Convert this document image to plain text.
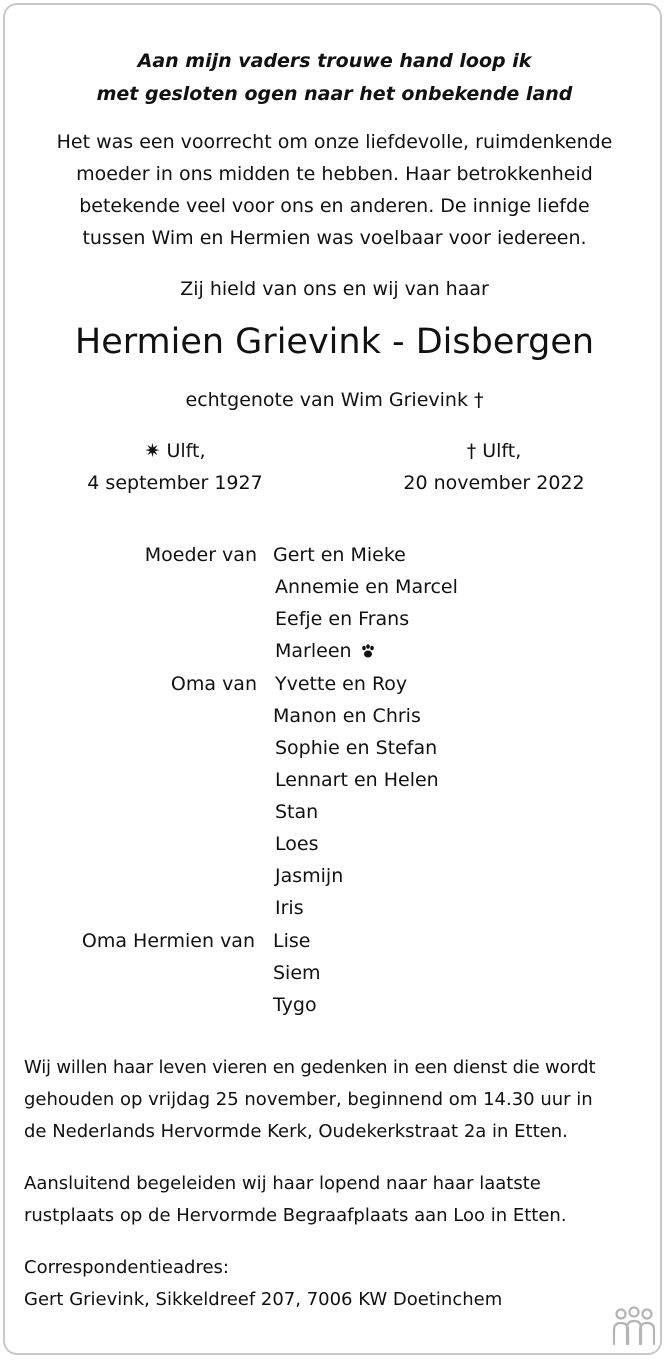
Aan mijn vaders trouwe hand loop ik
met gesloten ogen naar het onbekende land
Het was een voorrecht om onze liefdevolle, ruimdenkende
moeder in ons midden te hebben. Haar betrokkenheid
betekende veel voor ons en anderen. De innige liefde
tussen Wim en Hermien was voelbaar voor iedereen.
Zij hield van ons en wij van haar
Hermien Grievink - Disbergen
echtgenote van Wim Grievink †
✷ Ulft,
4 september 1927
† Ulft,
20 november 2022
Moeder van Gert en Mieke
Annemie en Marcel
Eefje en Frans
Marleen
Oma van Yvette en Roy
Manon en Chris
Sophie en Stefan
Lennart en Helen
Stan
Loes
Jasmijn
Iris
Oma Hermien van Lise
Siem
Tygo
Wij willen haar leven vieren en gedenken in een dienst die wordt
gehouden op vrijdag 25 november, beginnend om 14.30 uur in
de Nederlands Hervormde Kerk, Oudekerkstraat 2a in Etten.
Aansluitend begeleiden wij haar lopend naar haar laatste
rustplaats op de Hervormde Begraafplaats aan Loo in Etten.
Correspondentieadres:
Gert Grievink, Sikkeldreef 207, 7006 KW Doetinchem
